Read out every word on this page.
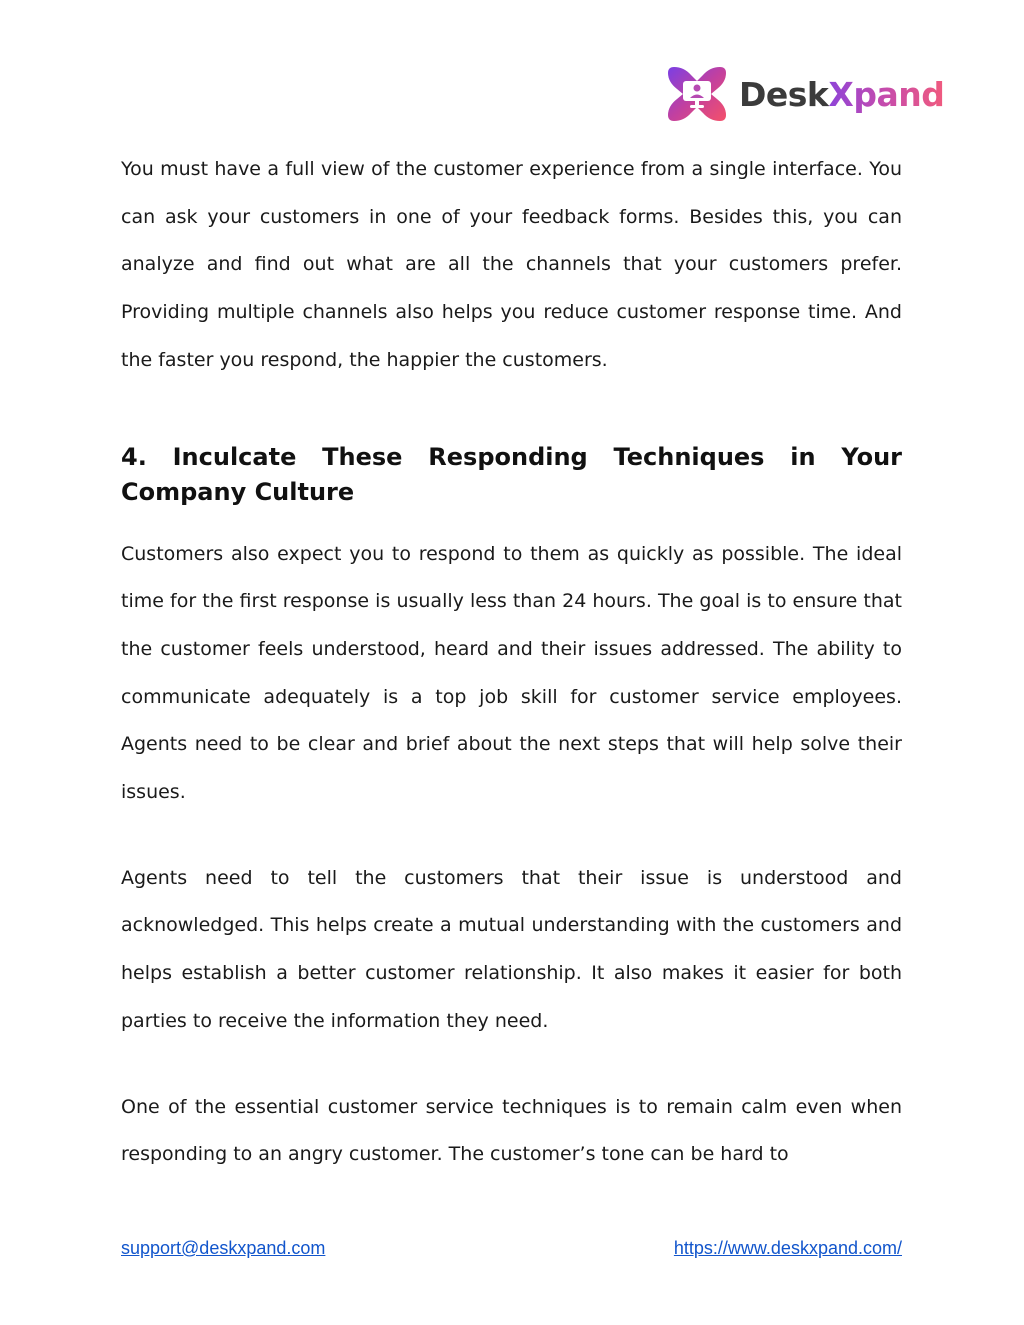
DeskXpand

You must have a full view of the customer experience from a single interface. You can ask your customers in one of your feedback forms. Besides this, you can analyze and find out what are all the channels that your customers prefer. Providing multiple channels also helps you reduce customer response time. And the faster you respond, the happier the customers.

4. Inculcate These Responding Techniques in Your Company Culture

Customers also expect you to respond to them as quickly as possible. The ideal time for the first response is usually less than 24 hours. The goal is to ensure that the customer feels understood, heard and their issues addressed. The ability to communicate adequately is a top job skill for customer service employees. Agents need to be clear and brief about the next steps that will help solve their issues.

Agents need to tell the customers that their issue is understood and acknowledged. This helps create a mutual understanding with the customers and helps establish a better customer relationship. It also makes it easier for both parties to receive the information they need.

One of the essential customer service techniques is to remain calm even when responding to an angry customer. The customer’s tone can be hard to

support@deskxpand.com	https://www.deskxpand.com/
